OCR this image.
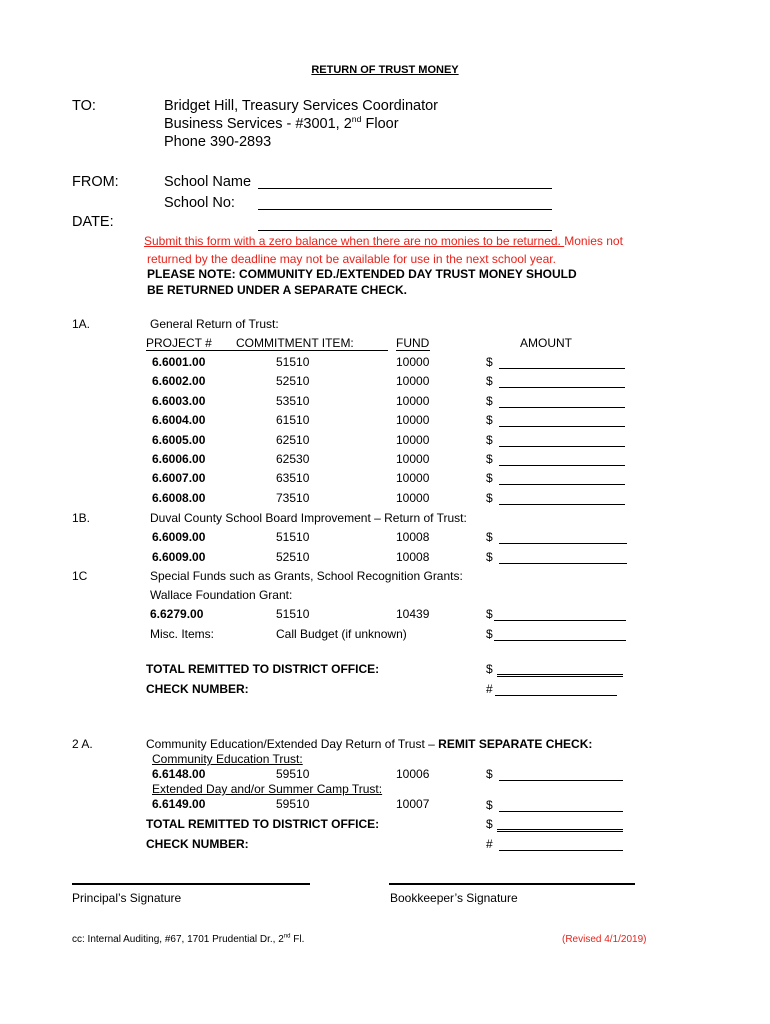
RETURN OF TRUST MONEY
TO:	Bridget Hill, Treasury Services Coordinator
Business Services - #3001, 2nd Floor
Phone 390-2893
FROM:	School Name
School No:
DATE:
Submit this form with a zero balance when there are no monies to be returned. Monies not
returned by the deadline may not be available for use in the next school year.
PLEASE NOTE: COMMUNITY ED./EXTENDED DAY TRUST MONEY SHOULD
BE RETURNED UNDER A SEPARATE CHECK.
1A.	General Return of Trust:
PROJECT # COMMITMENT ITEM:	FUND	AMOUNT
6.6001.00	51510	10000	$
6.6002.00	52510	10000	$
6.6003.00	53510	10000	$
6.6004.00	61510	10000	$
6.6005.00	62510	10000	$
6.6006.00	62530	10000	$
6.6007.00	63510	10000	$
6.6008.00	73510	10000	$
1B.	Duval County School Board Improvement – Return of Trust:
6.6009.00	51510	10008	$
6.6009.00	52510	10008	$
1C	Special Funds such as Grants, School Recognition Grants:
Wallace Foundation Grant:
6.6279.00	51510	10439	$
Misc. Items:	Call Budget (if unknown)	$
TOTAL REMITTED TO DISTRICT OFFICE:	$
CHECK NUMBER:	#
2 A.	Community Education/Extended Day Return of Trust – REMIT SEPARATE CHECK:
Community Education Trust:
6.6148.00	59510	10006	$
Extended Day and/or Summer Camp Trust:
6.6149.00	59510	10007	$
TOTAL REMITTED TO DISTRICT OFFICE:	$
CHECK NUMBER:	#
Principal’s Signature	Bookkeeper’s Signature
cc: Internal Auditing, #67, 1701 Prudential Dr., 2nd Fl.	(Revised 4/1/2019)
